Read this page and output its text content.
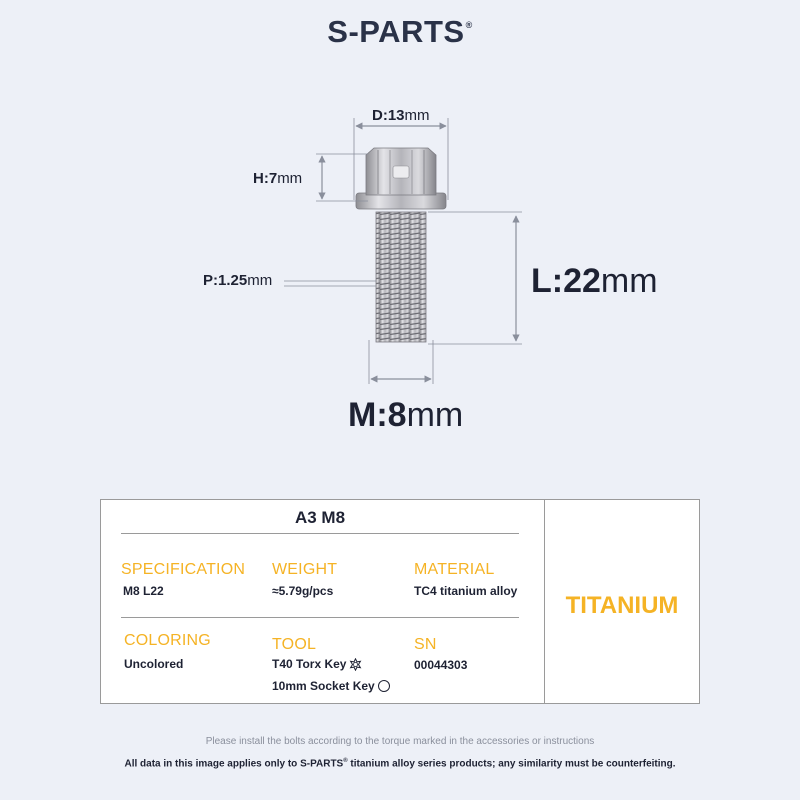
S-PARTS®
D:13mm
H:7mm
P:1.25mm	L:22mm
M:8mm
A3 M8
SPECIFICATION
M8 L22
WEIGHT
≈5.79g/pcs
MATERIAL
TC4 titanium alloy
COLORING
Uncolored
TOOL
T40 Torx Key
10mm Socket Key
SN
00044303
TITANIUM
Please install the bolts according to the torque marked in the accessories or instructions
All data in this image applies only to S-PARTS® titanium alloy series products; any similarity must be counterfeiting.
